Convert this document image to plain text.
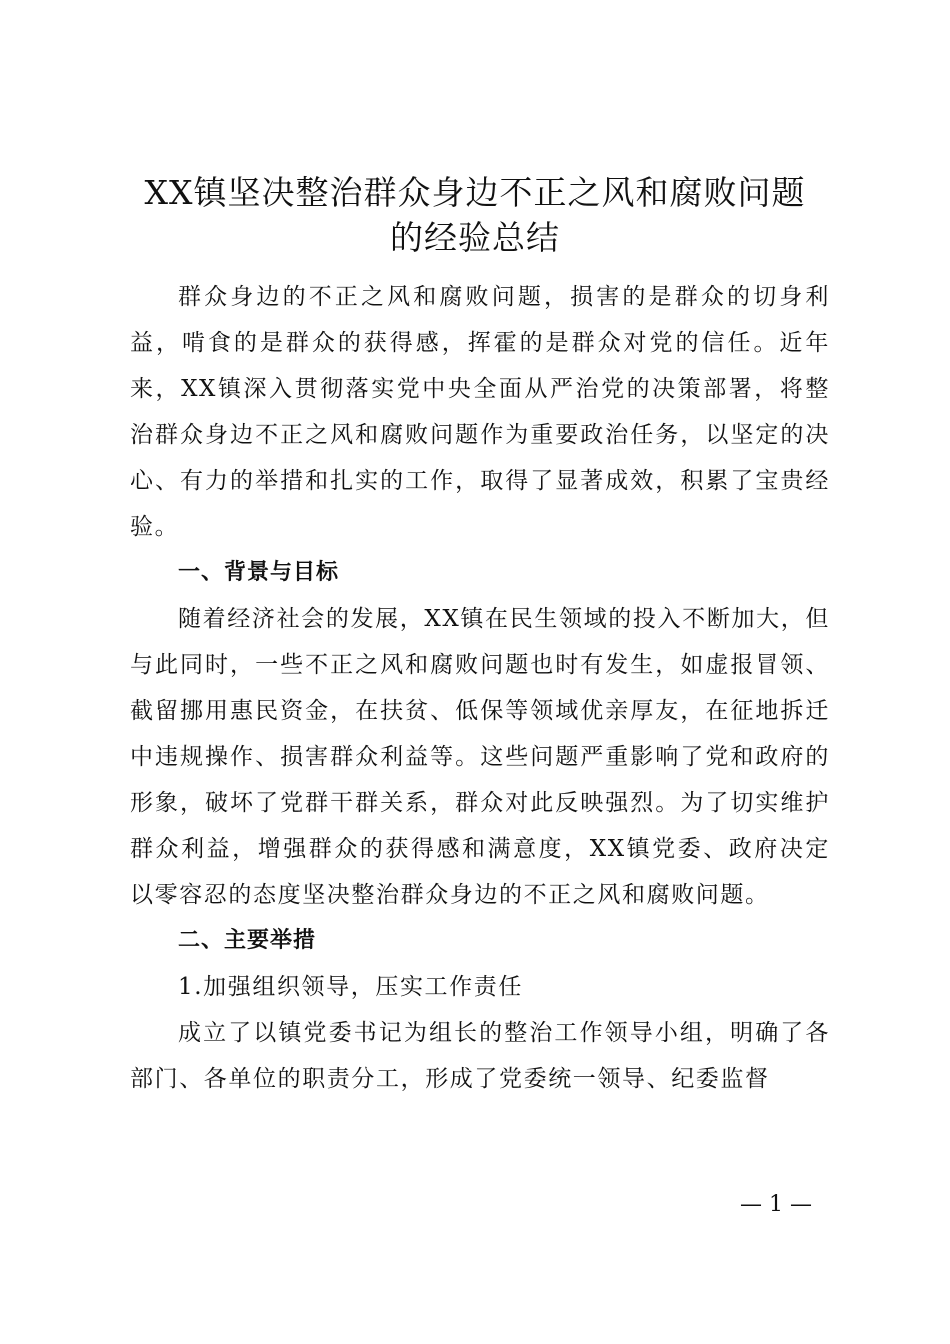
XX镇坚决整治群众身边不正之风和腐败问题

的经验总结

群众身边的不正之风和腐败问题，损害的是群众的切身利益，啃食的是群众的获得感，挥霍的是群众对党的信任。近年来，XX镇深入贯彻落实党中央全面从严治党的决策部署，将整治群众身边不正之风和腐败问题作为重要政治任务，以坚定的决心、有力的举措和扎实的工作，取得了显著成效，积累了宝贵经验。

一、背景与目标

随着经济社会的发展，XX镇在民生领域的投入不断加大，但与此同时，一些不正之风和腐败问题也时有发生，如虚报冒领、截留挪用惠民资金，在扶贫、低保等领域优亲厚友，在征地拆迁中违规操作、损害群众利益等。这些问题严重影响了党和政府的形象，破坏了党群干群关系，群众对此反映强烈。为了切实维护群众利益，增强群众的获得感和满意度，XX镇党委、政府决定以零容忍的态度坚决整治群众身边的不正之风和腐败问题。

二、主要举措

1.加强组织领导，压实工作责任

成立了以镇党委书记为组长的整治工作领导小组，明确了各部门、各单位的职责分工，形成了党委统一领导、纪委监督

— 1 —
